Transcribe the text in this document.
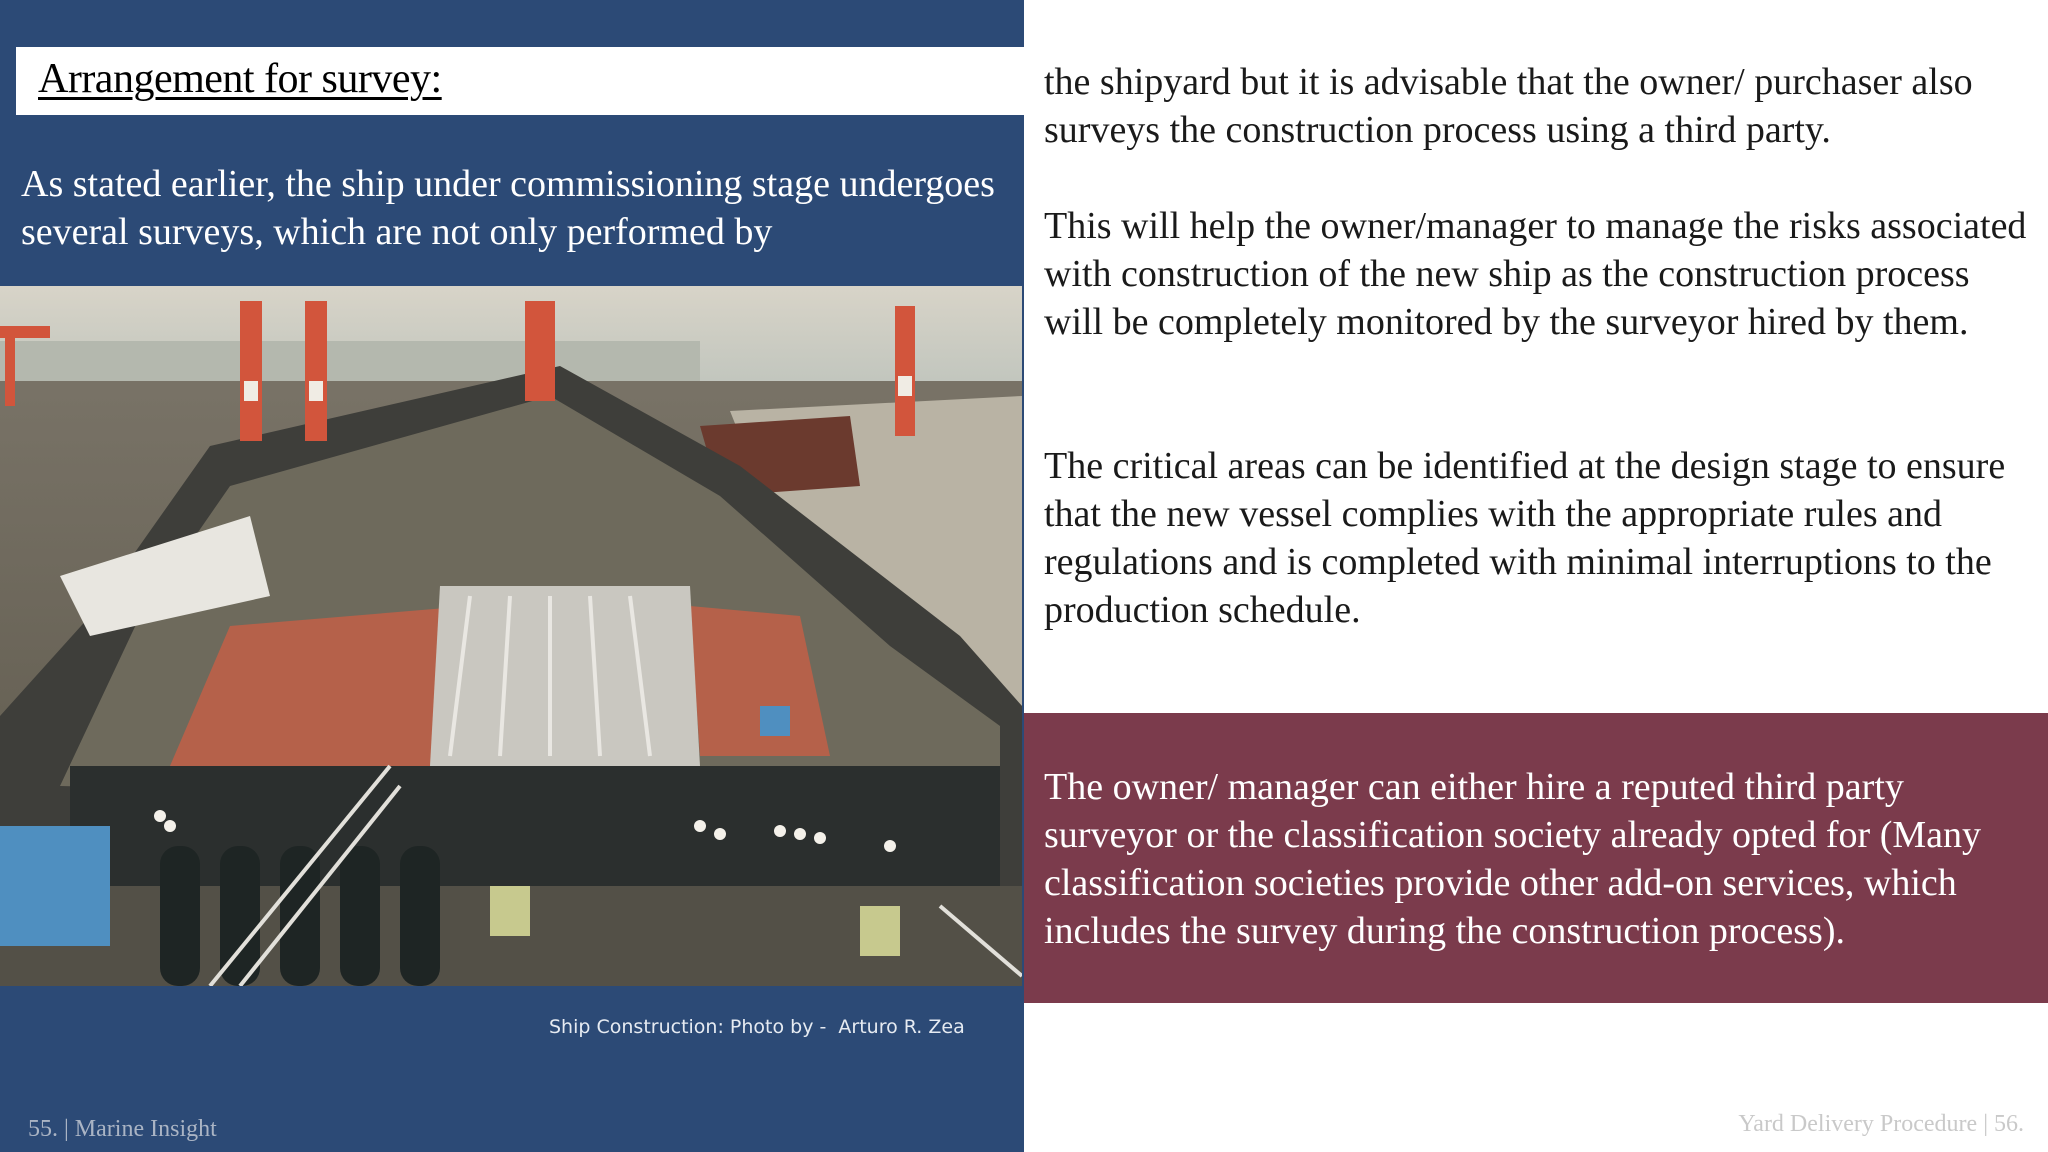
Arrangement for survey:

As stated earlier, the ship under commissioning stage undergoes several surveys, which are not only performed by

Ship Construction: Photo by -  Arturo R. Zea
55. | Marine Insight

the shipyard but it is advisable that the owner/ purchaser also surveys the construction process using a third party.

This will help the owner/manager to manage the risks associated with construction of the new ship as the construction process will be completely monitored by the surveyor hired by them.

The critical areas can be identified at the design stage to ensure that the new vessel complies with the appropriate rules and regulations and is completed with minimal interruptions to the production schedule.

The owner/ manager can either hire a reputed third party surveyor or the classification society already opted for (Many classification societies provide other add-on services, which includes the survey during the construction process).

Yard Delivery Procedure | 56.
